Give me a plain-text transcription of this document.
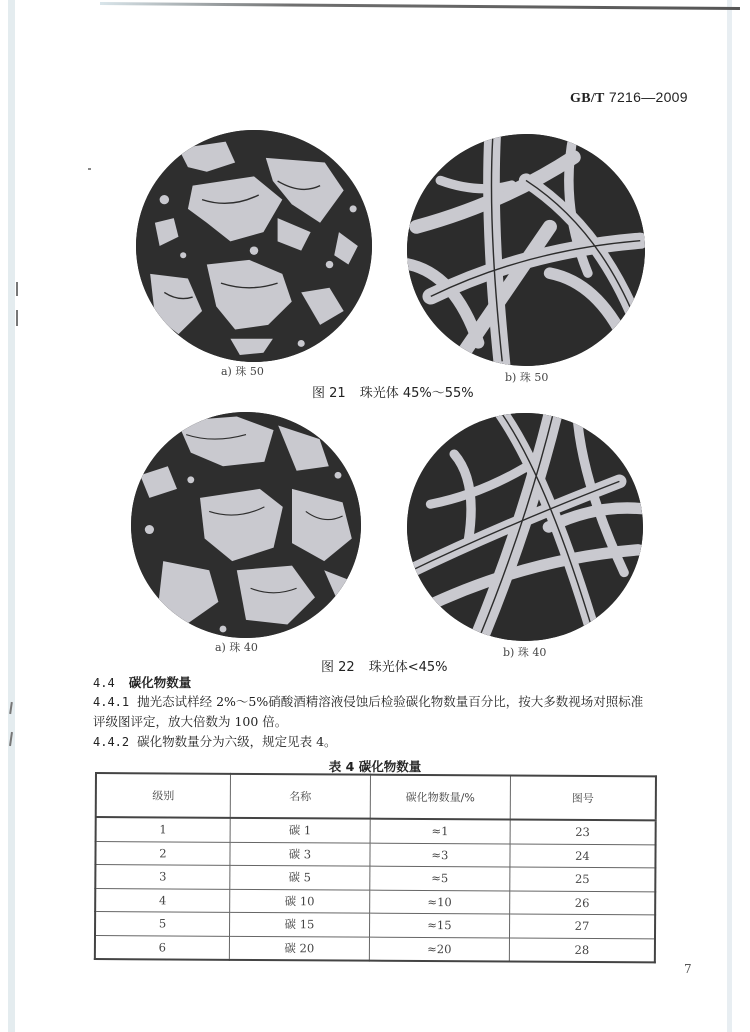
GB/T 7216—2009
a) 珠 50	b) 珠 50
图 21 珠光体 45%～55%
a) 珠 40	b) 珠 40
图 22 珠光体<45%
4.4 碳化物数量
4.4.1 抛光态试样经 2%～5%硝酸酒精溶液侵蚀后检验碳化物数量百分比，按大多数视场对照标准
评级图评定，放大倍数为 100 倍。
4.4.2 碳化物数量分为六级，规定见表 4。
表 4 碳化物数量
级别	名称	碳化物数量/%	图号
1	碳 1	≈1	23
2	碳 3	≈3	24
3	碳 5	≈5	25
4	碳 10	≈10	26
5	碳 15	≈15	27
6	碳 20	≈20	28
7
